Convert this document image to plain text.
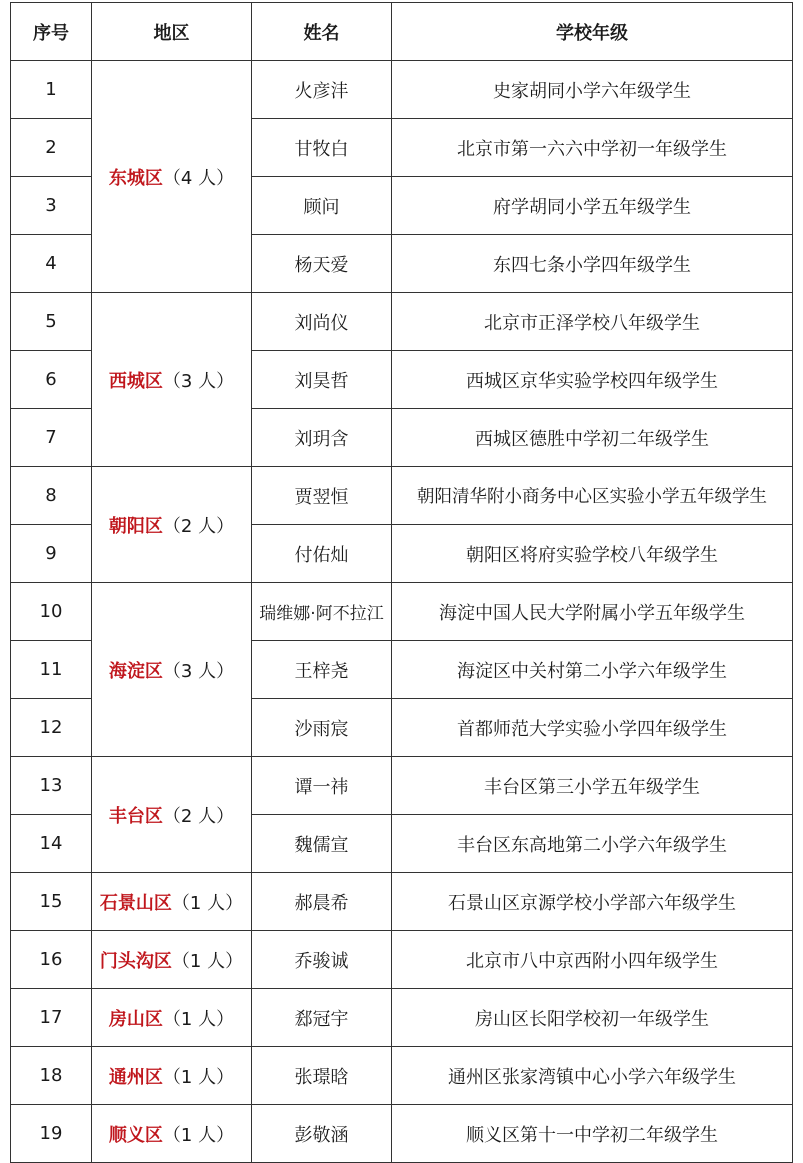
序号	地区	姓名	学校年级
1	东城区（4 人）	火彦沣	史家胡同小学六年级学生
2		甘牧白	北京市第一六六中学初一年级学生
3		顾问	府学胡同小学五年级学生
4		杨天爱	东四七条小学四年级学生
5	西城区（3 人）	刘尚仪	北京市正泽学校八年级学生
6		刘昊哲	西城区京华实验学校四年级学生
7		刘玥含	西城区德胜中学初二年级学生
8	朝阳区（2 人）	贾翌恒	朝阳清华附小商务中心区实验小学五年级学生
9		付佑灿	朝阳区将府实验学校八年级学生
10	海淀区（3 人）	瑞维娜·阿不拉江	海淀中国人民大学附属小学五年级学生
11		王梓尧	海淀区中关村第二小学六年级学生
12		沙雨宸	首都师范大学实验小学四年级学生
13	丰台区（2 人）	谭一祎	丰台区第三小学五年级学生
14		魏儒宣	丰台区东高地第二小学六年级学生
15	石景山区（1 人）	郝晨希	石景山区京源学校小学部六年级学生
16	门头沟区（1 人）	乔骏诚	北京市八中京西附小四年级学生
17	房山区（1 人）	郄冠宇	房山区长阳学校初一年级学生
18	通州区（1 人）	张璟晗	通州区张家湾镇中心小学六年级学生
19	顺义区（1 人）	彭敬涵	顺义区第十一中学初二年级学生
